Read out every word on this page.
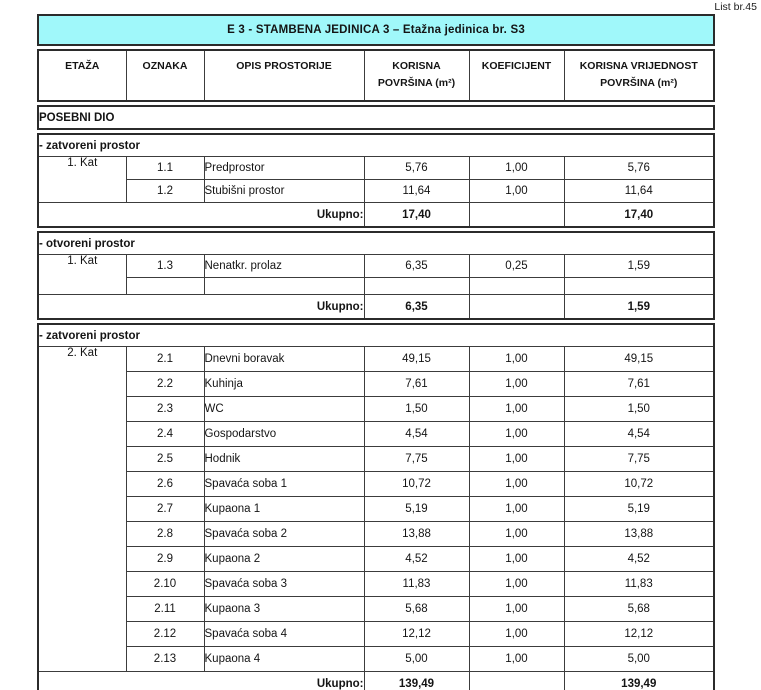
List br.45
E 3 - STAMBENA JEDINICA 3 – Etažna jedinica br. S3
ETAŽA	OZNAKA	OPIS PROSTORIJE	KORISNA
POVRŠINA (m²)
	KOEFICIJENT	KORISNA VRIJEDNOST
POVRŠINA (m²)
POSEBNI DIO
- zatvoreni prostor					
1. Kat	1.1	Predprostor	5,76	1,00	5,76
	1.2	Stubišni prostor	11,64	1,00	11,64
Ukupno:			17,40		17,40
- otvoreni prostor					
1. Kat	1.3	Nenatkr. prolaz	6,35	0,25	1,59

Ukupno:			6,35		1,59
- zatvoreni prostor					
2. Kat	2.1	Dnevni boravak	49,15	1,00	49,15
	2.2	Kuhinja	7,61	1,00	7,61
	2.3	WC	1,50	1,00	1,50
	2.4	Gospodarstvo	4,54	1,00	4,54
	2.5	Hodnik	7,75	1,00	7,75
	2.6	Spavaća soba 1	10,72	1,00	10,72
	2.7	Kupaona 1	5,19	1,00	5,19
	2.8	Spavaća soba 2	13,88	1,00	13,88
	2.9	Kupaona 2	4,52	1,00	4,52
	2.10	Spavaća soba 3	11,83	1,00	11,83
	2.11	Kupaona 3	5,68	1,00	5,68
	2.12	Spavaća soba 4	12,12	1,00	12,12
	2.13	Kupaona 4	5,00	1,00	5,00
Ukupno:			139,49		139,49
